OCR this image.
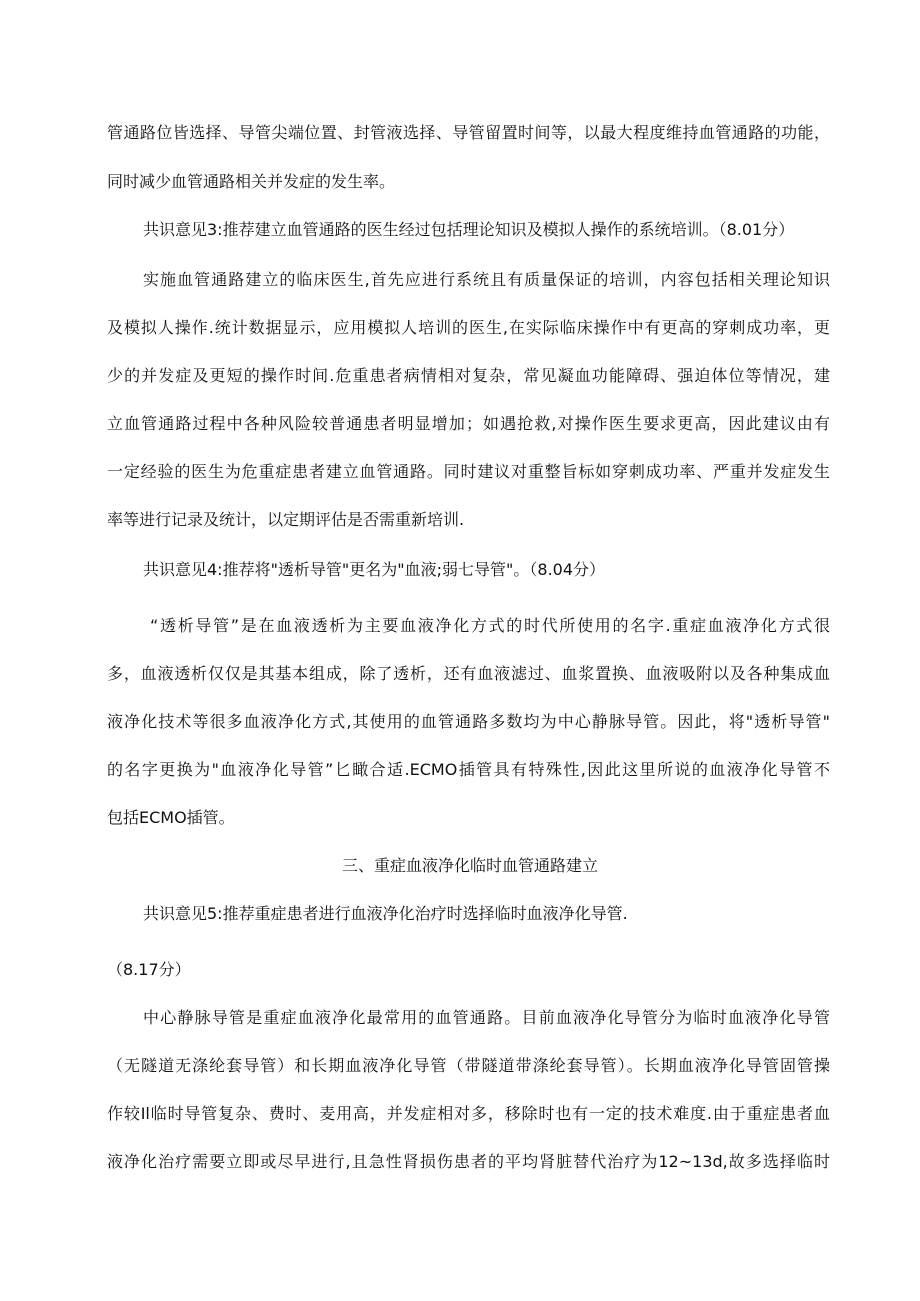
管通路位皆选择、导管尖端位置、封管液选择、导管留置时间等，以最大程度维持血管通路的功能，
同时减少血管通路相关并发症的发生率。
共识意见3:推荐建立血管通路的医生经过包括理论知识及模拟人操作的系统培训。（8.01分）
实施血管通路建立的临床医生,首先应进行系统且有质量保证的培训，内容包括相关理论知识
及模拟人操作.统计数据显示，应用模拟人培训的医生,在实际临床操作中有更高的穿刺成功率，更
少的并发症及更短的操作时间.危重患者病情相对复杂，常见凝血功能障碍、强迫体位等情况，建
立血管通路过程中各种风险较普通患者明显增加；如遇抢救,对操作医生要求更高，因此建议由有
一定经验的医生为危重症患者建立血管通路。同时建议对重整旨标如穿刺成功率、严重并发症发生
率等进行记录及统计，以定期评估是否需重新培训.
共识意见4:推荐将"透析导管"更名为"血液;弱七导管"。（8.04分）
“透析导管”是在血液透析为主要血液净化方式的时代所使用的名字.重症血液净化方式很
多，血液透析仅仅是其基本组成，除了透析，还有血液滤过、血浆置换、血液吸附以及各种集成血
液净化技术等很多血液净化方式,其使用的血管通路多数均为中心静脉导管。因此，将"透析导管"
的名字更换为"血液净化导管”匕瞰合适.ECMO插管具有特殊性,因此这里所说的血液净化导管不
包括ECMO插管。
三、重症血液净化临时血管通路建立
共识意见5:推荐重症患者进行血液净化治疗时选择临时血液净化导管.
（8.17分）
中心静脉导管是重症血液净化最常用的血管通路。目前血液净化导管分为临时血液净化导管
（无隧道无涤纶套导管）和长期血液净化导管（带隧道带涤纶套导管）。长期血液净化导管固管操
作较Il临时导管复杂、费时、麦用高，并发症相对多，移除时也有一定的技术难度.由于重症患者血
液净化治疗需要立即或尽早进行,且急性肾损伤患者的平均肾脏替代治疗为12~13d,故多选择临时
